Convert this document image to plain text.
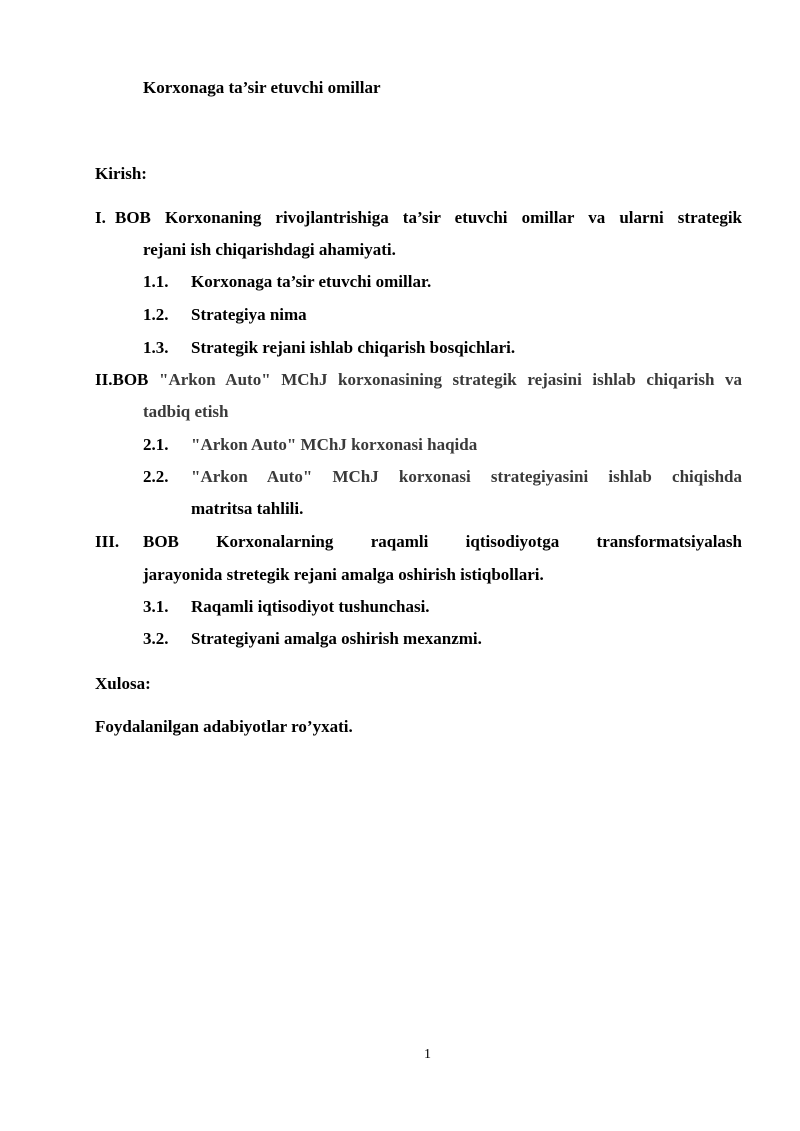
Korxonaga ta’sir etuvchi omillar
Kirish:
I. BOB Korxonaning rivojlantrishiga ta’sir etuvchi omillar va ularni strategik
rejani ish chiqarishdagi ahamiyati.
1.1. Korxonaga ta’sir etuvchi omillar.
1.2. Strategiya nima
1.3. Strategik rejani ishlab chiqarish bosqichlari.
II.BOB "Arkon Auto" MChJ korxonasining strategik rejasini ishlab chiqarish va
tadbiq etish
2.1. "Arkon Auto" MChJ korxonasi haqida
2.2. "Arkon Auto" MChJ korxonasi strategiyasini ishlab chiqishda
matritsa tahlili.
III. BOB Korxonalarning raqamli iqtisodiyotga transformatsiyalash
jarayonida stretegik rejani amalga oshirish istiqbollari.
3.1. Raqamli iqtisodiyot tushunchasi.
3.2. Strategiyani amalga oshirish mexanzmi.
Xulosa:
Foydalanilgan adabiyotlar ro’yxati.
1
